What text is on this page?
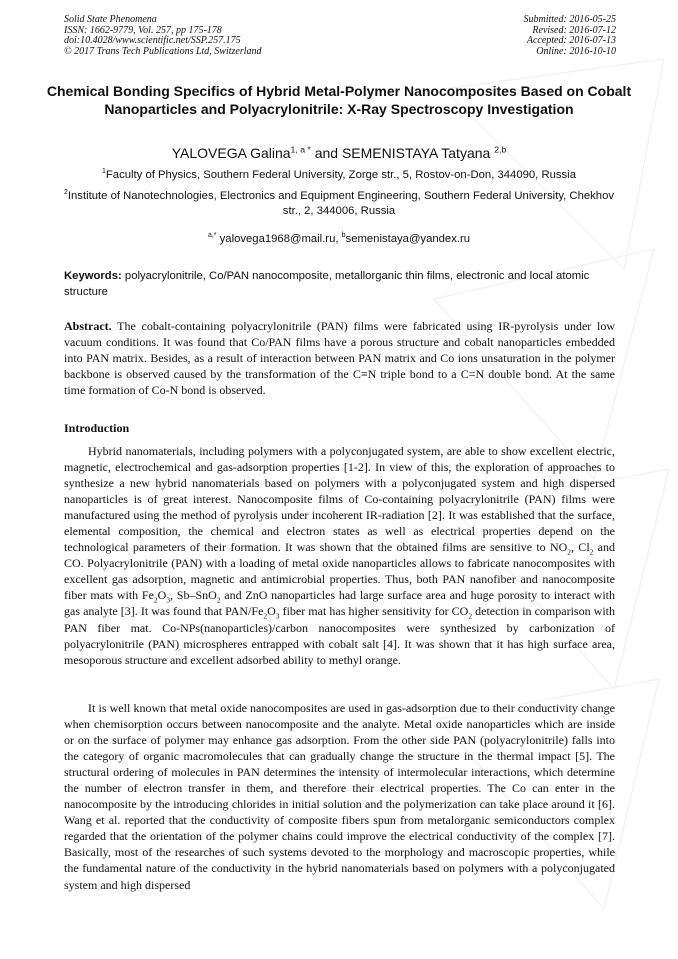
Solid State Phenomena
ISSN: 1662-9779, Vol. 257, pp 175-178
doi:10.4028/www.scientific.net/SSP.257.175
© 2017 Trans Tech Publications Ltd, Switzerland
Submitted: 2016-05-25
Revised: 2016-07-12
Accepted: 2016-07-13
Online: 2016-10-10
Chemical Bonding Specifics of Hybrid Metal-Polymer Nanocomposites Based on Cobalt Nanoparticles and Polyacrylonitrile: X-Ray Spectroscopy Investigation
YALOVEGA Galina$^{1, a *}$ and SEMENISTAYA Tatyana $^{2,b}$
$^1$Faculty of Physics, Southern Federal University, Zorge str., 5, Rostov-on-Don, 344090, Russia
$^2$Institute of Nanotechnologies, Electronics and Equipment Engineering, Southern Federal University, Chekhov str., 2, 344006, Russia
$^{a,*}$ yalovega1968@mail.ru, $^b$semenistaya@yandex.ru
Keywords: polyacrylonitrile, Co/PAN nanocomposite, metallorganic thin films, electronic and local atomic structure

Abstract. The cobalt-containing polyacrylonitrile (PAN) films were fabricated using IR-pyrolysis under low vacuum conditions. It was found that Co/PAN films have a porous structure and cobalt nanoparticles embedded into PAN matrix. Besides, as a result of interaction between PAN matrix and Co ions unsaturation in the polymer backbone is observed caused by the transformation of the C≡N triple bond to a C=N double bond. At the same time formation of Co-N bond is observed.

Introduction

Hybrid nanomaterials, including polymers with a polyconjugated system, are able to show excellent electric, magnetic, electrochemical and gas-adsorption properties [1-2]. In view of this, the exploration of approaches to synthesize a new hybrid nanomaterials based on polymers with a polyconjugated system and high dispersed nanoparticles is of great interest. Nanocomposite films of Co-containing polyacrylonitrile (PAN) films were manufactured using the method of pyrolysis under incoherent IR-radiation [2]. It was established that the surface, elemental composition, the chemical and electron states as well as electrical properties depend on the technological parameters of their formation. It was shown that the obtained films are sensitive to $NO_2$, $Cl_2$ and CO. Polyacrylonitrile (PAN) with a loading of metal oxide nanoparticles allows to fabricate nanocomposites with excellent gas adsorption, magnetic and antimicrobial properties. Thus, both PAN nanofiber and nanocomposite fiber mats with $Fe_2O_3$, Sb–SnO$_2$ and ZnO nanoparticles had large surface area and huge porosity to interact with gas analyte [3]. It was found that PAN/$Fe_2O_3$ fiber mat has higher sensitivity for $CO_2$ detection in comparison with PAN fiber mat. Co-NPs(nanoparticles)/carbon nanocomposites were synthesized by carbonization of polyacrylonitrile (PAN) microspheres entrapped with cobalt salt [4]. It was shown that it has high surface area, mesoporous structure and excellent adsorbed ability to methyl orange.

It is well known that metal oxide nanocomposites are used in gas-adsorption due to their conductivity change when chemisorption occurs between nanocomposite and the analyte. Metal oxide nanoparticles which are inside or on the surface of polymer may enhance gas adsorption. From the other side PAN (polyacrylonitrile) falls into the category of organic macromolecules that can gradually change the structure in the thermal impact [5]. The structural ordering of molecules in PAN determines the intensity of intermolecular interactions, which determine the number of electron transfer in them, and therefore their electrical properties. The Co can enter in the nanocomposite by the introducing chlorides in initial solution and the polymerization can take place around it [6]. Wang et al. reported that the conductivity of composite fibers spun from metalorganic semiconductors complex regarded that the orientation of the polymer chains could improve the electrical conductivity of the complex [7]. Basically, most of the researches of such systems devoted to the morphology and macroscopic properties, while the fundamental nature of the conductivity in the hybrid nanomaterials based on polymers with a polyconjugated system and high dispersed
